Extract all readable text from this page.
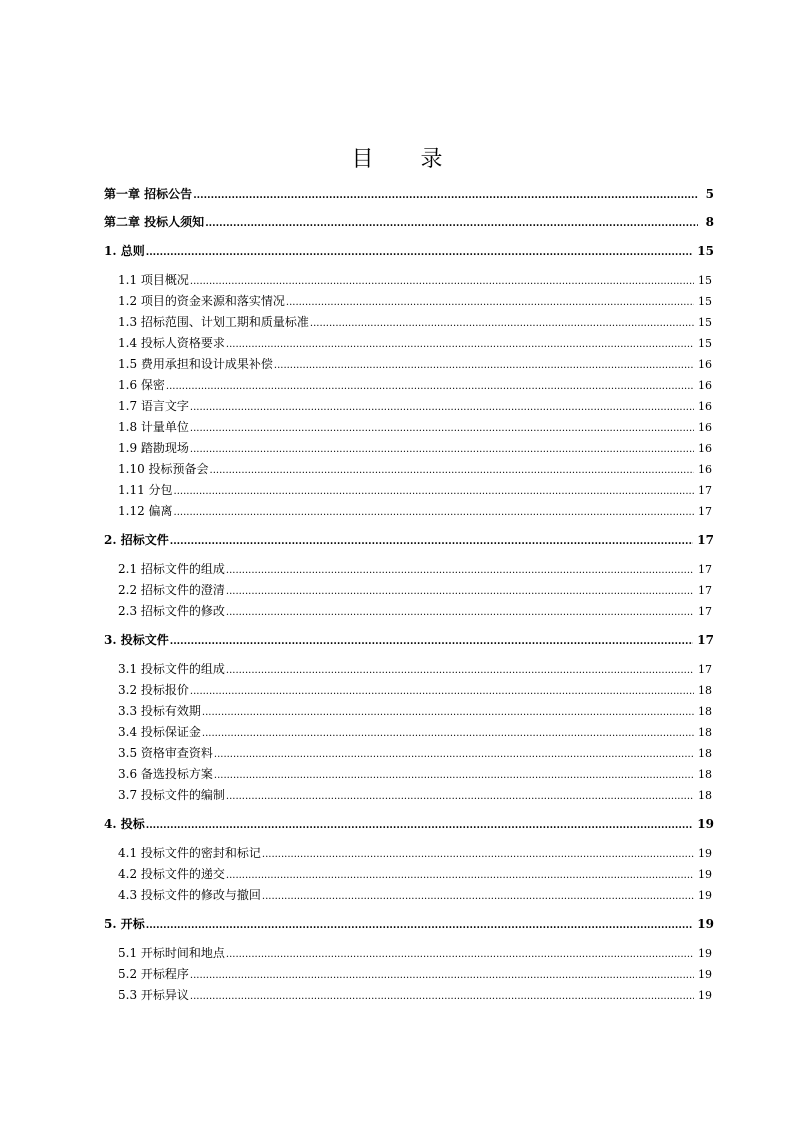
目 录
第一章 招标公告 .....	5
第二章 投标人须知 .....	8
1. 总则 .....	15
1.1 项目概况 .....	15
1.2 项目的资金来源和落实情况 .....	15
1.3 招标范围、计划工期和质量标准 .....	15
1.4 投标人资格要求 .....	15
1.5 费用承担和设计成果补偿 .....	16
1.6 保密 .....	16
1.7 语言文字 .....	16
1.8 计量单位 .....	16
1.9 踏勘现场 .....	16
1.10 投标预备会 .....	16
1.11 分包 .....	17
1.12 偏离 .....	17
2. 招标文件 .....	17
2.1 招标文件的组成 .....	17
2.2 招标文件的澄清 .....	17
2.3 招标文件的修改 .....	17
3. 投标文件 .....	17
3.1 投标文件的组成 .....	17
3.2 投标报价 .....	18
3.3 投标有效期 .....	18
3.4 投标保证金 .....	18
3.5 资格审查资料 .....	18
3.6 备选投标方案 .....	18
3.7 投标文件的编制 .....	18
4. 投标 .....	19
4.1 投标文件的密封和标记 .....	19
4.2 投标文件的递交 .....	19
4.3 投标文件的修改与撤回 .....	19
5. 开标 .....	19
5.1 开标时间和地点 .....	19
5.2 开标程序 .....	19
5.3 开标异议 .....	19
